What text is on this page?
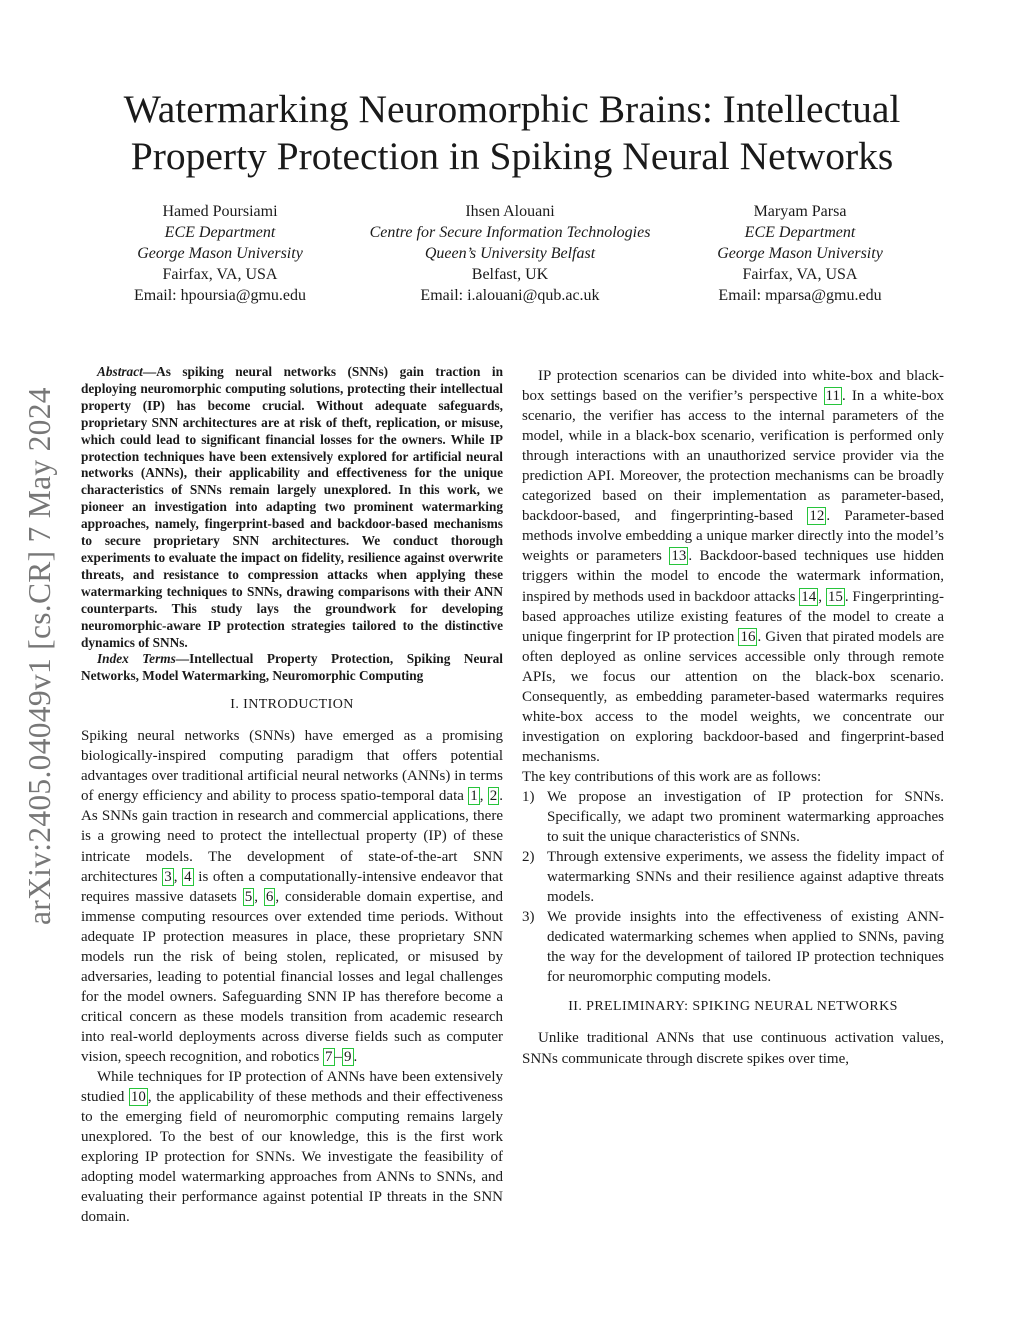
arXiv:2405.04049v1 [cs.CR] 7 May 2024
Watermarking Neuromorphic Brains: Intellectual
Property Protection in Spiking Neural Networks
Hamed Poursiami
ECE Department
George Mason University
Fairfax, VA, USA
Email: hpoursia@gmu.edu
Ihsen Alouani
Centre for Secure Information Technologies
Queen’s University Belfast
Belfast, UK
Email: i.alouani@qub.ac.uk
Maryam Parsa
ECE Department
George Mason University
Fairfax, VA, USA
Email: mparsa@gmu.edu

Abstract—As spiking neural networks (SNNs) gain traction in deploying neuromorphic computing solutions, protecting their intellectual property (IP) has become crucial. Without adequate safeguards, proprietary SNN architectures are at risk of theft, replication, or misuse, which could lead to significant financial losses for the owners. While IP protection techniques have been extensively explored for artificial neural networks (ANNs), their applicability and effectiveness for the unique characteristics of SNNs remain largely unexplored. In this work, we pioneer an investigation into adapting two prominent watermarking approaches, namely, fingerprint-based and backdoor-based mechanisms to secure proprietary SNN architectures. We conduct thorough experiments to evaluate the impact on fidelity, resilience against overwrite threats, and resistance to compression attacks when applying these watermarking techniques to SNNs, drawing comparisons with their ANN counterparts. This study lays the groundwork for developing neuromorphic-aware IP protection strategies tailored to the distinctive dynamics of SNNs.

Index Terms—Intellectual Property Protection, Spiking Neural Networks, Model Watermarking, Neuromorphic Computing

I. INTRODUCTION

Spiking neural networks (SNNs) have emerged as a promising biologically-inspired computing paradigm that offers potential advantages over traditional artificial neural networks (ANNs) in terms of energy efficiency and ability to process spatio-temporal data 1 , 2 . As SNNs gain traction in research and commercial applications, there is a growing need to protect the intellectual property (IP) of these intricate models. The development of state-of-the-art SNN architectures 3 , 4 is often a computationally-intensive endeavor that requires massive datasets 5 , 6 , considerable domain expertise, and immense computing resources over extended time periods. Without adequate IP protection measures in place, these proprietary SNN models run the risk of being stolen, replicated, or misused by adversaries, leading to potential financial losses and legal challenges for the model owners. Safeguarding SNN IP has therefore become a critical concern as these models transition from academic research into real-world deployments across diverse fields such as computer vision, speech recognition, and robotics 7 – 9 .

While techniques for IP protection of ANNs have been extensively studied 10 , the applicability of these methods and their effectiveness to the emerging field of neuromorphic computing remains largely unexplored. To the best of our knowledge, this is the first work exploring IP protection for SNNs. We investigate the feasibility of adopting model watermarking approaches from ANNs to SNNs, and evaluating their performance against potential IP threats in the SNN domain.

IP protection scenarios can be divided into white-box and black-box settings based on the verifier’s perspective 11 . In a white-box scenario, the verifier has access to the internal parameters of the model, while in a black-box scenario, verification is performed only through interactions with an unauthorized service provider via the prediction API. Moreover, the protection mechanisms can be broadly categorized based on their implementation as parameter-based, backdoor-based, and fingerprinting-based 12 . Parameter-based methods involve embedding a unique marker directly into the model’s weights or parameters 13 . Backdoor-based techniques use hidden triggers within the model to encode the watermark information, inspired by methods used in backdoor attacks 14 , 15 . Fingerprinting-based approaches utilize existing features of the model to create a unique fingerprint for IP protection 16 . Given that pirated models are often deployed as online services accessible only through remote APIs, we focus our attention on the black-box scenario. Consequently, as embedding parameter-based watermarks requires white-box access to the model weights, we concentrate our investigation on exploring backdoor-based and fingerprint-based mechanisms.

The key contributions of this work are as follows:

1) We propose an investigation of IP protection for SNNs. Specifically, we adapt two prominent watermarking approaches to suit the unique characteristics of SNNs.
2) Through extensive experiments, we assess the fidelity impact of watermarking SNNs and their resilience against adaptive threats models.
3) We provide insights into the effectiveness of existing ANN-dedicated watermarking schemes when applied to SNNs, paving the way for the development of tailored IP protection techniques for neuromorphic computing models.
II. PRELIMINARY: SPIKING NEURAL NETWORKS

Unlike traditional ANNs that use continuous activation values, SNNs communicate through discrete spikes over time,
